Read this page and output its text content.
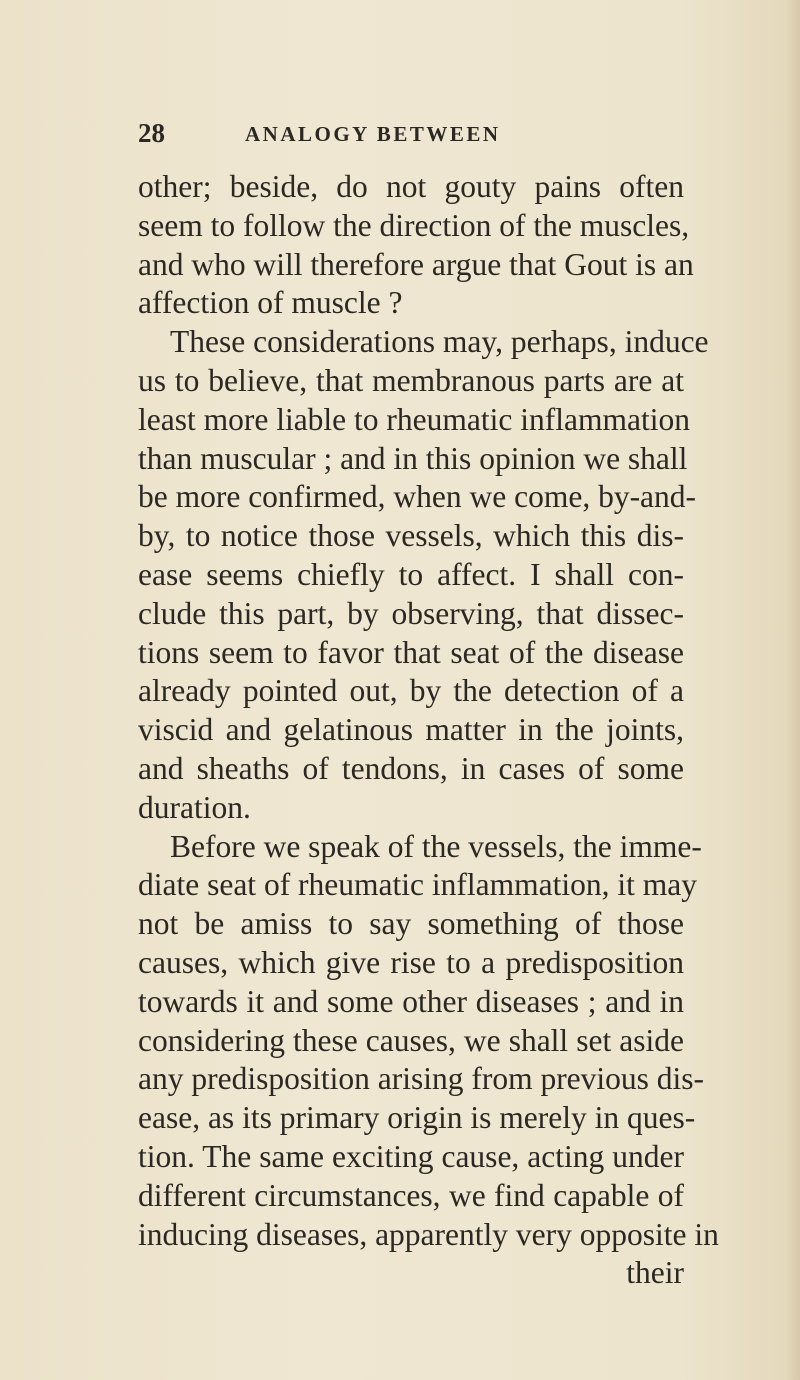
28	ANALOGY BETWEEN
other; beside, do not gouty pains often
seem to follow the direction of the muscles,
and who will therefore argue that Gout is an
affection of muscle ?
These considerations may, perhaps, induce
us to believe, that membranous parts are at
least more liable to rheumatic inflammation
than muscular ; and in this opinion we shall
be more confirmed, when we come, by-and-
by, to notice those vessels, which this dis-
ease seems chiefly to affect. I shall con-
clude this part, by observing, that dissec-
tions seem to favor that seat of the disease
already pointed out, by the detection of a
viscid and gelatinous matter in the joints,
and sheaths of tendons, in cases of some
duration.
Before we speak of the vessels, the imme-
diate seat of rheumatic inflammation, it may
not be amiss to say something of those
causes, which give rise to a predisposition
towards it and some other diseases ; and in
considering these causes, we shall set aside
any predisposition arising from previous dis-
ease, as its primary origin is merely in ques-
tion. The same exciting cause, acting under
different circumstances, we find capable of
inducing diseases, apparently very opposite in
their
